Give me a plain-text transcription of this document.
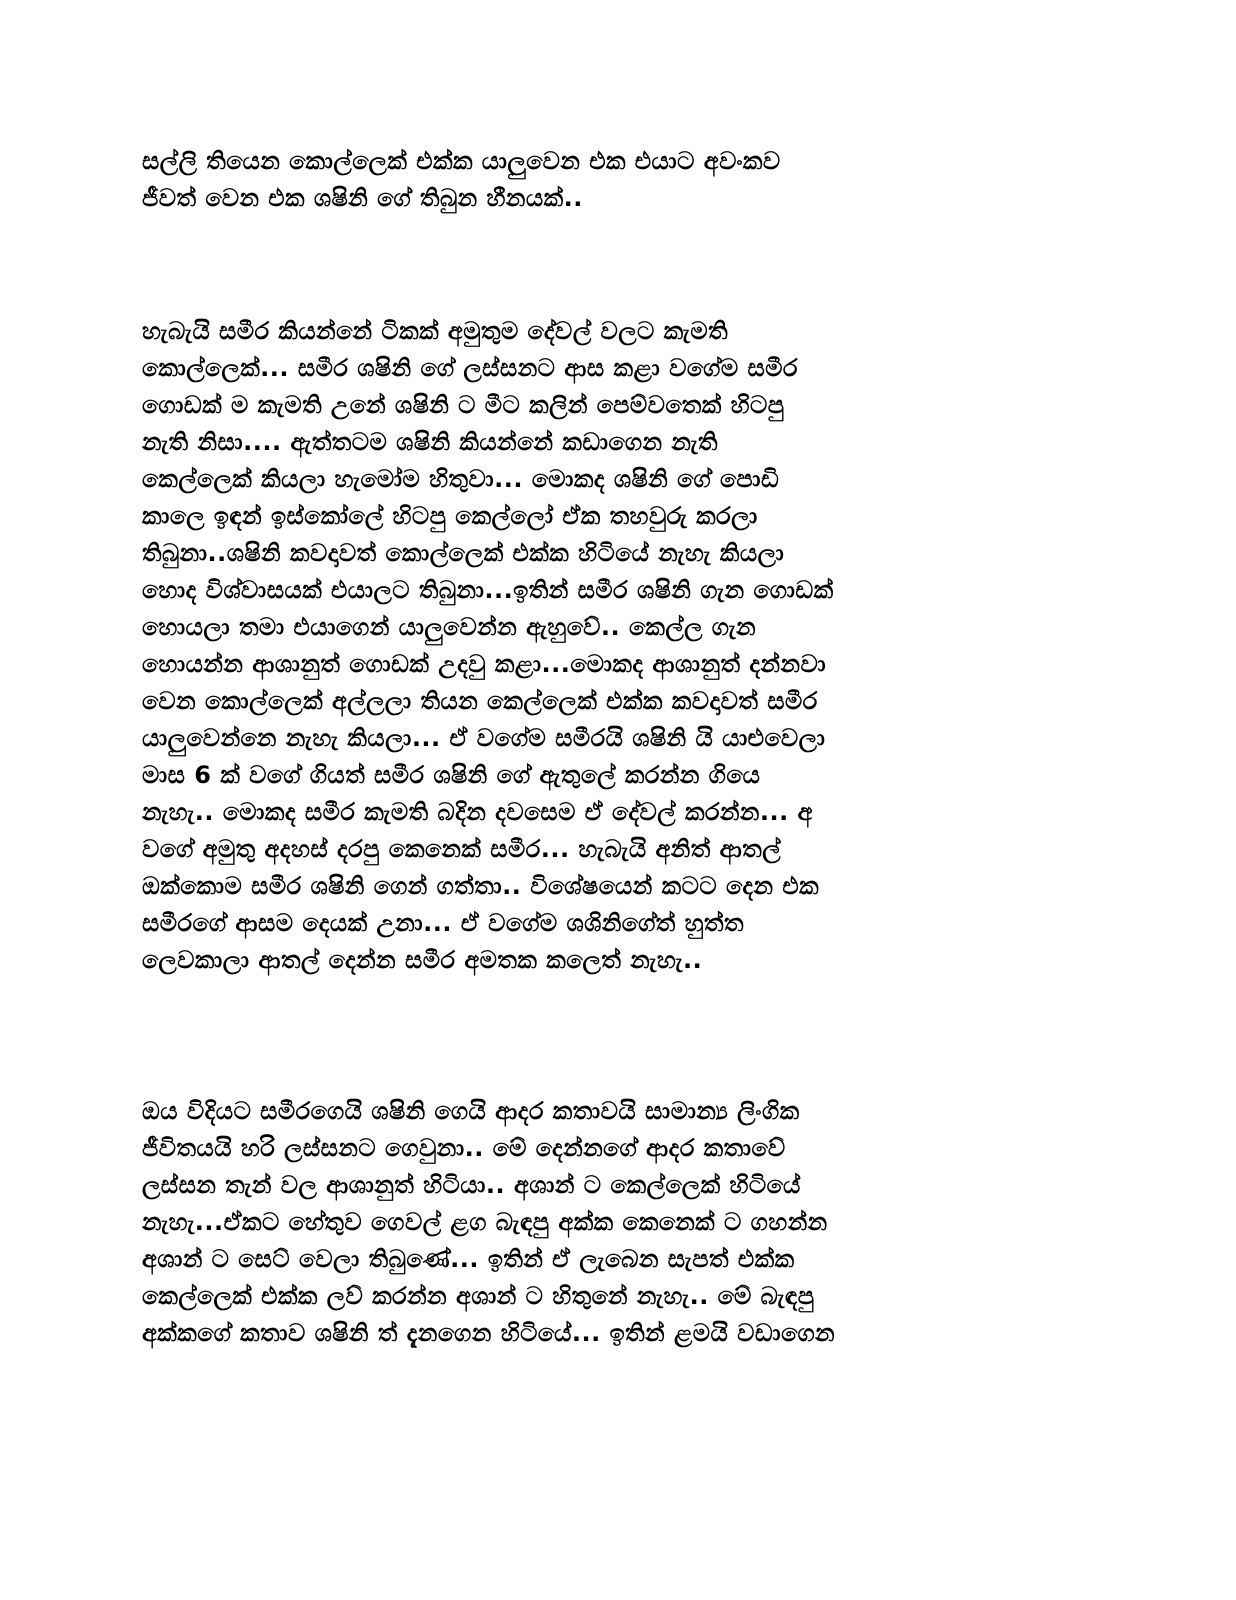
සල්ලි තියෙන කොල්ලෙක් එක්ක යාලුවෙන එක එයාට අවංකව
ජීවත් වෙන එක ශෂිනි ගේ තිබුන හීනයක්..
හැබැයි සමීර කියන්නේ ටිකක් අමුතුම දේවල් වලට කැමති
කොල්ලෙක්... සමීර ශෂිනි ගේ ලස්සනට ආස කළා වගේම සමීර
ගොඩක් ම කැමති උනේ ශෂිනි ට මීට කලින් පෙම්වතෙක් හිටපු
නැති නිසා.... ඇත්තටම ශෂිනි කියන්නේ කඩාගෙන නැති
කෙල්ලෙක් කියලා හැමෝම හිතුවා... මොකද ශෂිනි ගේ පොඩි
කාලෙ ඉඳන් ඉස්කෝලේ හිටපු කෙල්ලෝ ඒක තහවුරු කරලා
තිබුනා..ශෂිනි කවදාවත් කොල්ලෙක් එක්ක හිටියේ නැහැ කියලා
හොද විශ්වාසයක් එයාලට තිබුනා...ඉතින් සමීර ශෂිනි ගැන ගොඩක්
හොයලා තමා එයාගෙන් යාලුවෙන්න ඇහුවේ.. කෙල්ල ගැන
හොයන්න ආශානුත් ගොඩක් උදවු කළා...මොකද ආශානුත් දන්නවා
වෙන කොල්ලෙක් අල්ලලා තියන කෙල්ලෙක් එක්ක කවදාවත් සමීර
යාලුවෙන්නෙ නැහැ කියලා... ඒ වගේම සමීරයි ශෂිනි යි යාළුවෙලා
මාස 6 ක් වගේ ගියත් සමීර ශෂිනි ගේ ඇතුලේ කරන්න ගියෙ
නැහැ.. මොකද සමීර කැමති බදින දවසෙම ඒ දේවල් කරන්න... අ
වගේ අමුතු අදහස් දරපු කෙනෙක් සමීර... හැබැයි අනිත් ආතල්
ඔක්කොම සමීර ශෂිනි ගෙන් ගත්තා.. විශේෂයෙන් කටට දෙන එක
සමීරගේ ආසම දෙයක් උනා... ඒ වගේම ශශිනිගේත් හුත්ත
ලෙවකාලා ආතල් දෙන්න සමීර අමතක කලෙත් නැහැ..
ඔය විදියට සමීරගෙයි ශෂිනි ගෙයි ආදර කතාවයි සාමාන්‍ය ලිංගික
ජීවිතයයි හරි ලස්සනට ගෙවුනා.. මේ දෙන්නගේ ආදර කතාවේ
ලස්සන තැන් වල ආශානුත් හිටියා.. අශාන් ට කෙල්ලෙක් හිටියේ
නැහැ...ඒකට හේතුව ගෙවල් ළග බැඳපු අක්ක කෙනෙක් ට ගහන්න
අශාන් ට සෙට් වෙලා තිබුණේ... ඉතින් ඒ ලැබෙන සැපත් එක්ක
කෙල්ලෙක් එක්ක ලව් කරන්න අශාන් ට හිතුනේ නැහැ.. මේ බැඳපු
අක්කගේ කතාව ශෂිනි ත් දැනගෙන හිටියේ... ඉතින් ළමයි වඩාගෙන
